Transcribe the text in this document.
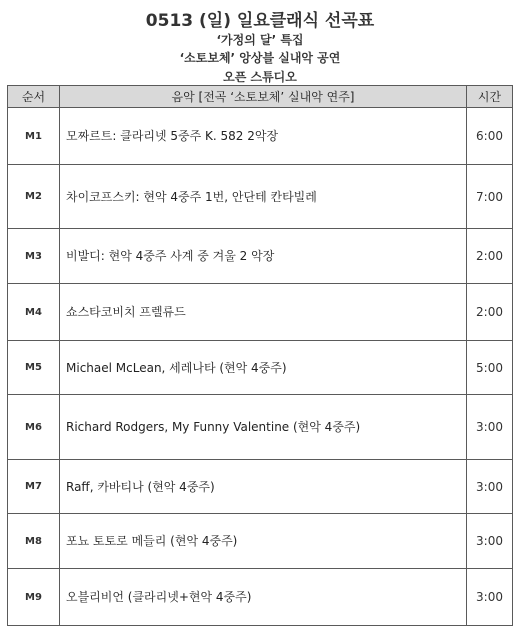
0513 (일) 일요클래식 선곡표
‘가정의 달’ 특집
‘소토보체’ 앙상블 실내악 공연
오픈 스튜디오
순서	음악 [전곡 ‘소토보체’ 실내악 연주]	시간
M1	모짜르트: 클라리넷 5중주 K. 582 2악장	6:00
M2	차이코프스키: 현악 4중주 1번, 안단테 칸타빌레	7:00
M3	비발디: 현악 4중주 사계 중 겨울 2 악장	2:00
M4	쇼스타코비치 프렐류드	2:00
M5	Michael McLean, 세레나타 (현악 4중주)	5:00
M6	Richard Rodgers, My Funny Valentine (현악 4중주)	3:00
M7	Raff, 카바티나 (현악 4중주)	3:00
M8	포뇨 토토로 메들리 (현악 4중주)	3:00
M9	오블리비언 (클라리넷+현악 4중주)	3:00
